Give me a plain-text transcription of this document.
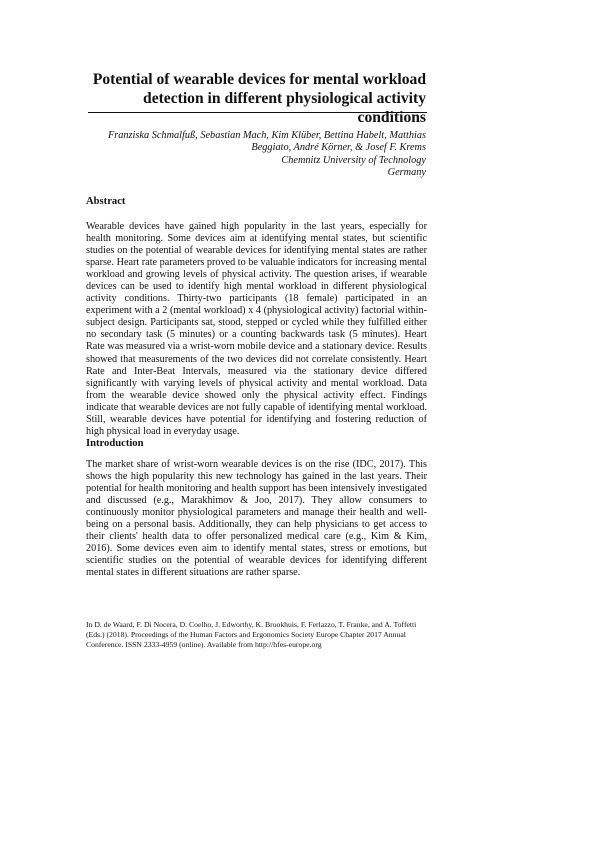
Potential of wearable devices for mental workload
detection in different physiological activity conditions
Franziska Schmalfuß, Sebastian Mach, Kim Klüber, Bettina Habelt, Matthias
Beggiato, André Körner, & Josef F. Krems
Chemnitz University of Technology
Germany
Abstract
Wearable devices have gained high popularity in the last years, especially for health monitoring. Some devices aim at identifying mental states, but scientific studies on the potential of wearable devices for identifying mental states are rather sparse. Heart rate parameters proved to be valuable indicators for increasing mental workload and growing levels of physical activity. The question arises, if wearable devices can be used to identify high mental workload in different physiological activity conditions. Thirty-two participants (18 female) participated in an experiment with a 2 (mental workload) x 4 (physiological activity) factorial within-subject design. Participants sat, stood, stepped or cycled while they fulfilled either no secondary task (5 minutes) or a counting backwards task (5 minutes). Heart Rate was measured via a wrist-worn mobile device and a stationary device. Results showed that measurements of the two devices did not correlate consistently. Heart Rate and Inter-Beat Intervals, measured via the stationary device differed significantly with varying levels of physical activity and mental workload. Data from the wearable device showed only the physical activity effect. Findings indicate that wearable devices are not fully capable of identifying mental workload. Still, wearable devices have potential for identifying and fostering reduction of high physical load in everyday usage.
Introduction
The market share of wrist-worn wearable devices is on the rise (IDC, 2017). This shows the high popularity this new technology has gained in the last years. Their potential for health monitoring and health support has been intensively investigated and discussed (e.g., Marakhimov & Joo, 2017). They allow consumers to continuously monitor physiological parameters and manage their health and well-being on a personal basis. Additionally, they can help physicians to get access to their clients' health data to offer personalized medical care (e.g., Kim & Kim, 2016). Some devices even aim to identify mental states, stress or emotions, but scientific studies on the potential of wearable devices for identifying different mental states in different situations are rather sparse.
In D. de Waard, F. Di Nocera, D. Coelho, J. Edworthy, K. Brookhuis, F. Ferlazzo, T. Franke, and A. Toffetti (Eds.) (2018). Proceedings of the Human Factors and Ergonomics Society Europe Chapter 2017 Annual Conference. ISSN 2333-4959 (online). Available from http://hfes-europe.org
